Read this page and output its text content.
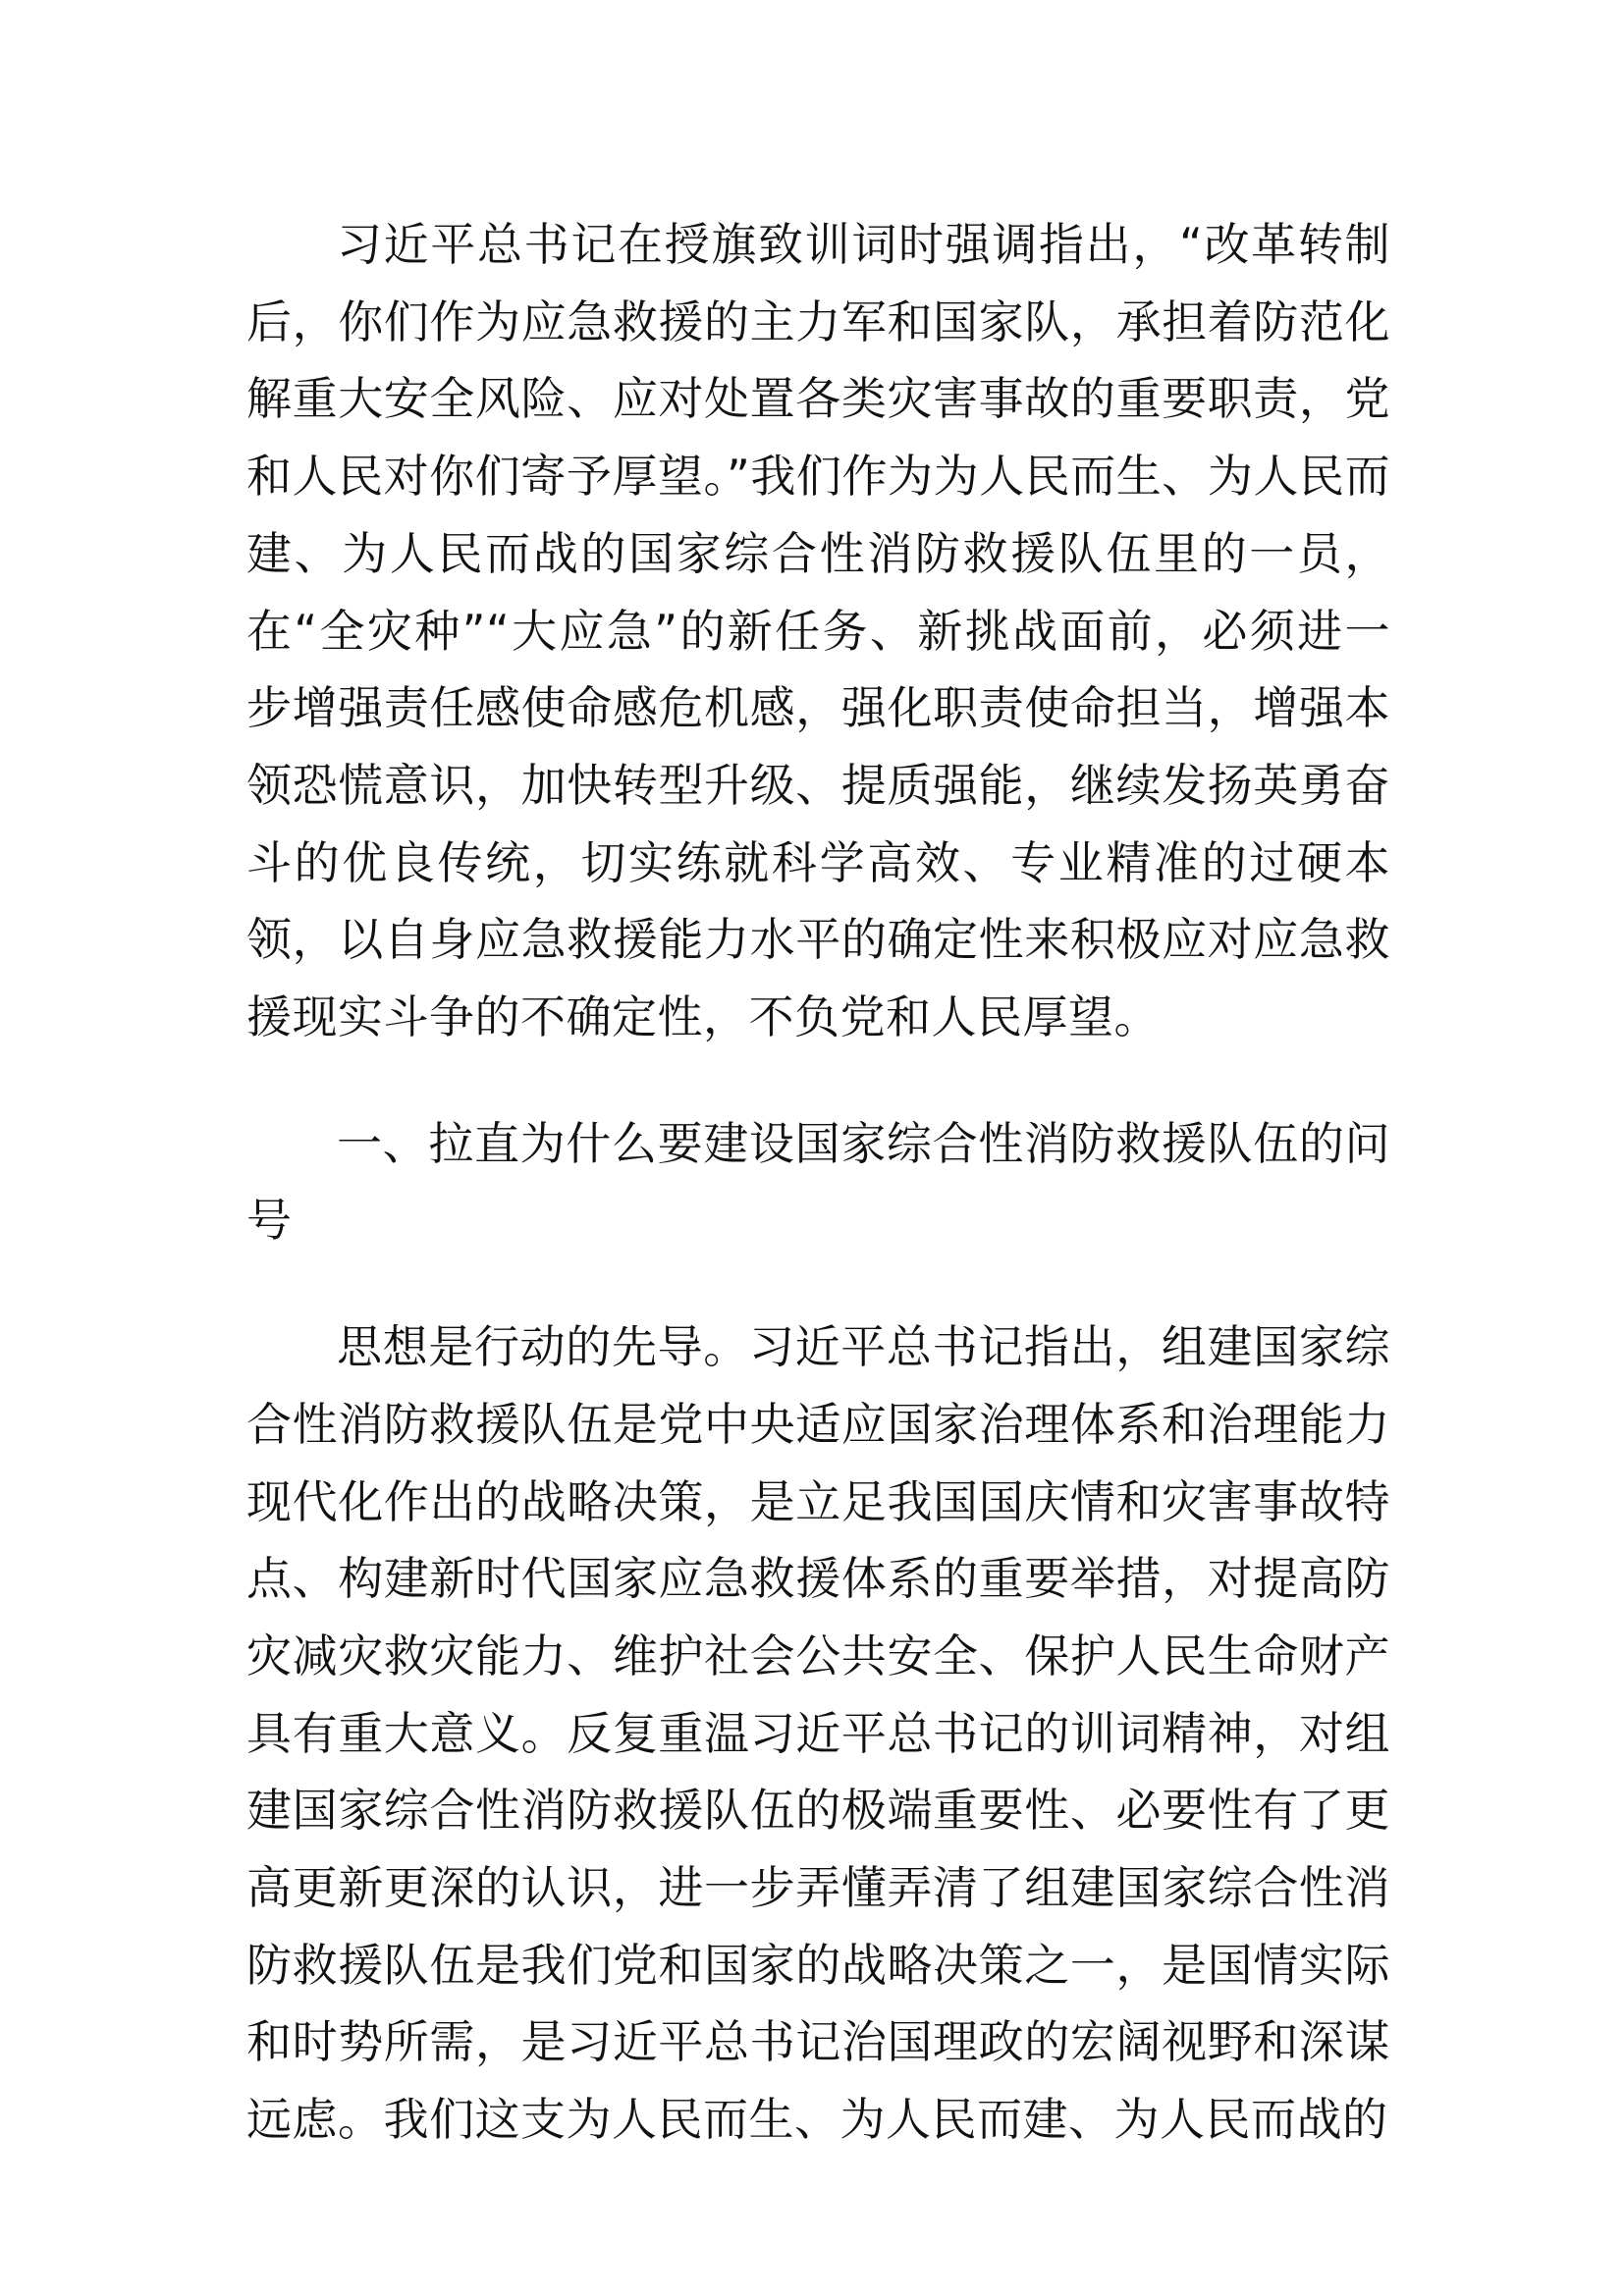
习近平总书记在授旗致训词时强调指出，“改革转制后，你们作为应急救援的主力军和国家队，承担着防范化解重大安全风险、应对处置各类灾害事故的重要职责，党和人民对你们寄予厚望。”我们作为为人民而生、为人民而建、为人民而战的国家综合性消防救援队伍里的一员，在“全灾种”“大应急”的新任务、新挑战面前，必须进一步增强责任感使命感危机感，强化职责使命担当，增强本领恐慌意识，加快转型升级、提质强能，继续发扬英勇奋斗的优良传统，切实练就科学高效、专业精准的过硬本领，以自身应急救援能力水平的确定性来积极应对应急救援现实斗争的不确定性，不负党和人民厚望。

一、拉直为什么要建设国家综合性消防救援队伍的问号

思想是行动的先导。习近平总书记指出，组建国家综合性消防救援队伍是党中央适应国家治理体系和治理能力现代化作出的战略决策，是立足我国国庆情和灾害事故特点、构建新时代国家应急救援体系的重要举措，对提高防灾减灾救灾能力、维护社会公共安全、保护人民生命财产具有重大意义。反复重温习近平总书记的训词精神，对组建国家综合性消防救援队伍的极端重要性、必要性有了更高更新更深的认识，进一步弄懂弄清了组建国家综合性消防救援队伍是我们党和国家的战略决策之一，是国情实际和时势所需，是习近平总书记治国理政的宏阔视野和深谋远虑。我们这支为人民而生、为人民而建、为人民而战的
